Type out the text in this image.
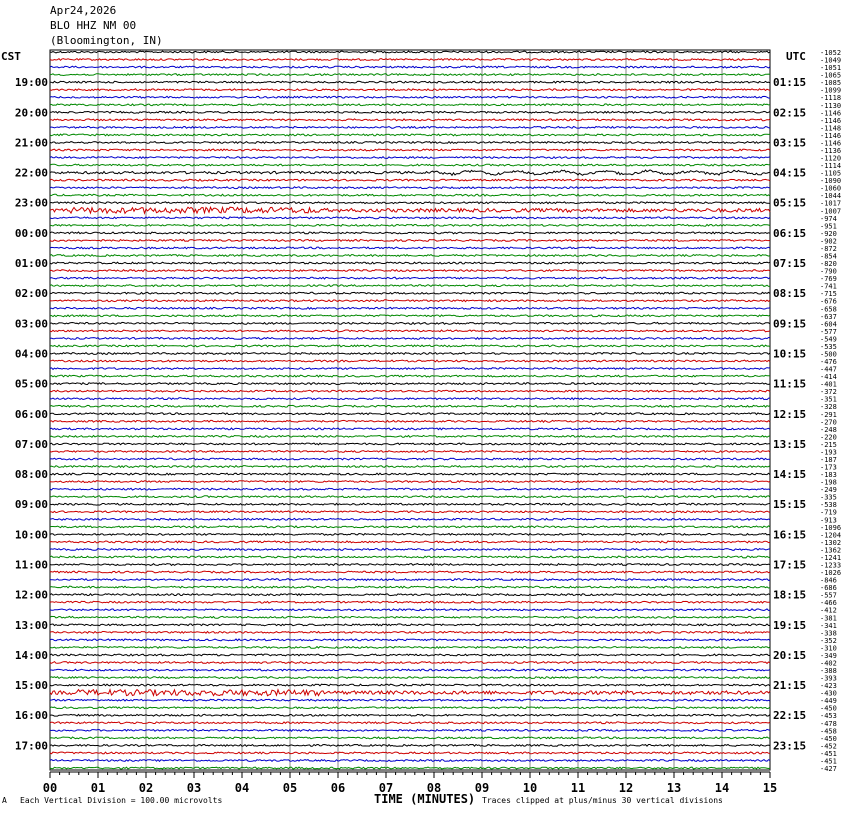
Apr24,2026
BLO HHZ NM 00
(Bloomington, IN)
CST	UTC
00	01	02	03	04	05	06	07	08	09	10	11	12	13	14	15
-1052
-1049
-1051
-1065
-1085
-1099
-1118
-1130
-1146
-1146
-1148
-1146
-1146
-1136
-1120
-1114
-1105
-1090
-1060
-1044
-1017
-1007
-974
-951
-920
-902
-872
-854
-820
-790
-769
-741
-715
-676
-658
-637
-604
-577
-549
-535
-500
-476
-447
-414
-401
-372
-351
-328
-291
-270
-248
-220
-215
-193
-187
-173
-183
-198
-249
-335
-538
-719
-913
-1096
-1204
-1302
-1362
-1241
-1233
-1026
-846
-686
-557
-466
-412
-381
-341
-338
-352
-310
-349
-402
-388
-393
-423
-430
-449
-450
-453
-478
-458
-450
-452
-451
-451
-427
19:00	01:15
20:00	02:15
21:00	03:15
22:00	04:15
23:00	05:15
00:00	06:15
01:00	07:15
02:00	08:15
03:00	09:15
04:00	10:15
05:00	11:15
06:00	12:15
07:00	13:15
08:00	14:15
09:00	15:15
10:00	16:15
11:00	17:15
12:00	18:15
13:00	19:15
14:00	20:15
15:00	21:15
16:00	22:15
17:00	23:15
A Each Vertical Division = 100.00 microvolts	TIME (MINUTES) Traces clipped at plus/minus 30 vertical divisions
